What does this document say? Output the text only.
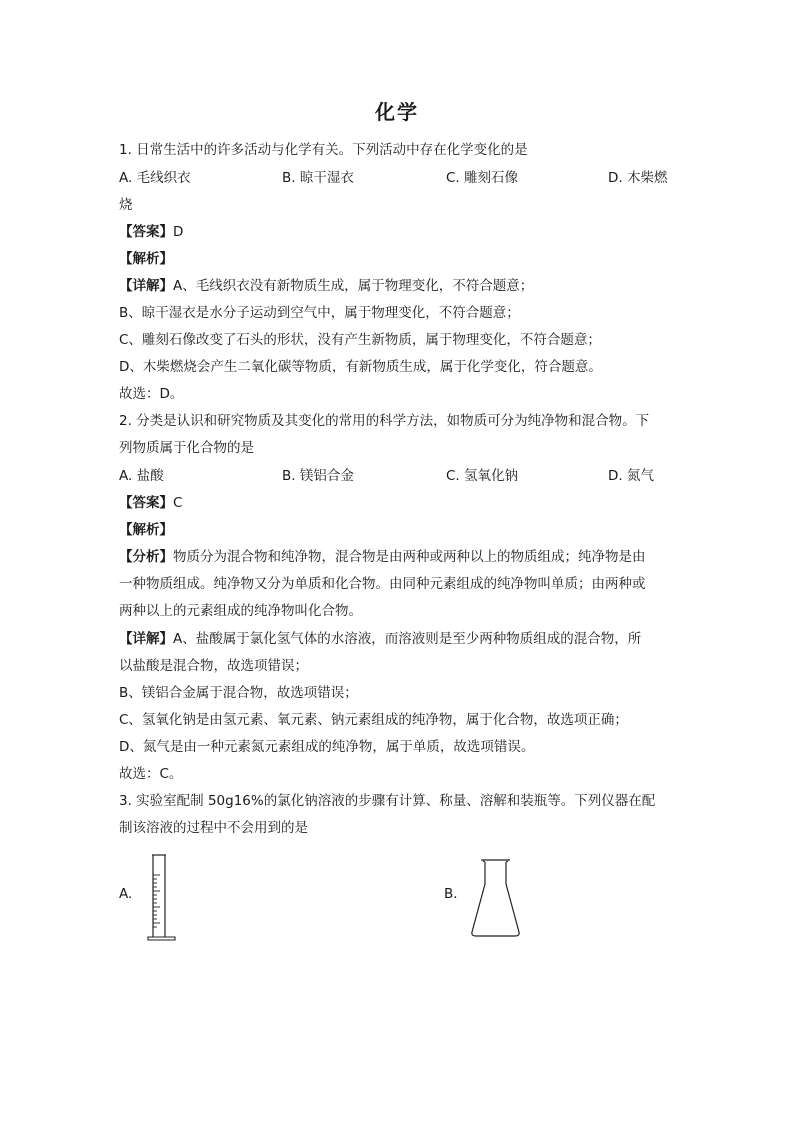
化学
1. 日常生活中的许多活动与化学有关。下列活动中存在化学变化的是
A. 毛线织衣	B. 晾干湿衣	C. 雕刻石像	D. 木柴燃
烧
【答案】D
【解析】
【详解】A、毛线织衣没有新物质生成，属于物理变化，不符合题意；
B、晾干湿衣是水分子运动到空气中，属于物理变化，不符合题意；
C、雕刻石像改变了石头的形状，没有产生新物质，属于物理变化，不符合题意；
D、木柴燃烧会产生二氧化碳等物质，有新物质生成，属于化学变化，符合题意。
故选：D。
2. 分类是认识和研究物质及其变化的常用的科学方法，如物质可分为纯净物和混合物。下
列物质属于化合物的是
A. 盐酸	B. 镁铝合金	C. 氢氧化钠	D. 氮气
【答案】C
【解析】
【分析】物质分为混合物和纯净物，混合物是由两种或两种以上的物质组成；纯净物是由
一种物质组成。纯净物又分为单质和化合物。由同种元素组成的纯净物叫单质；由两种或
两种以上的元素组成的纯净物叫化合物。
【详解】A、盐酸属于氯化氢气体的水溶液，而溶液则是至少两种物质组成的混合物，所
以盐酸是混合物，故选项错误；
B、镁铝合金属于混合物，故选项错误；
C、氢氧化钠是由氢元素、氧元素、钠元素组成的纯净物，属于化合物，故选项正确；
D、氮气是由一种元素氮元素组成的纯净物，属于单质，故选项错误。
故选：C。
3. 实验室配制 50g16%的氯化钠溶液的步骤有计算、称量、溶解和装瓶等。下列仪器在配
制该溶液的过程中不会用到的是
A.	B.
